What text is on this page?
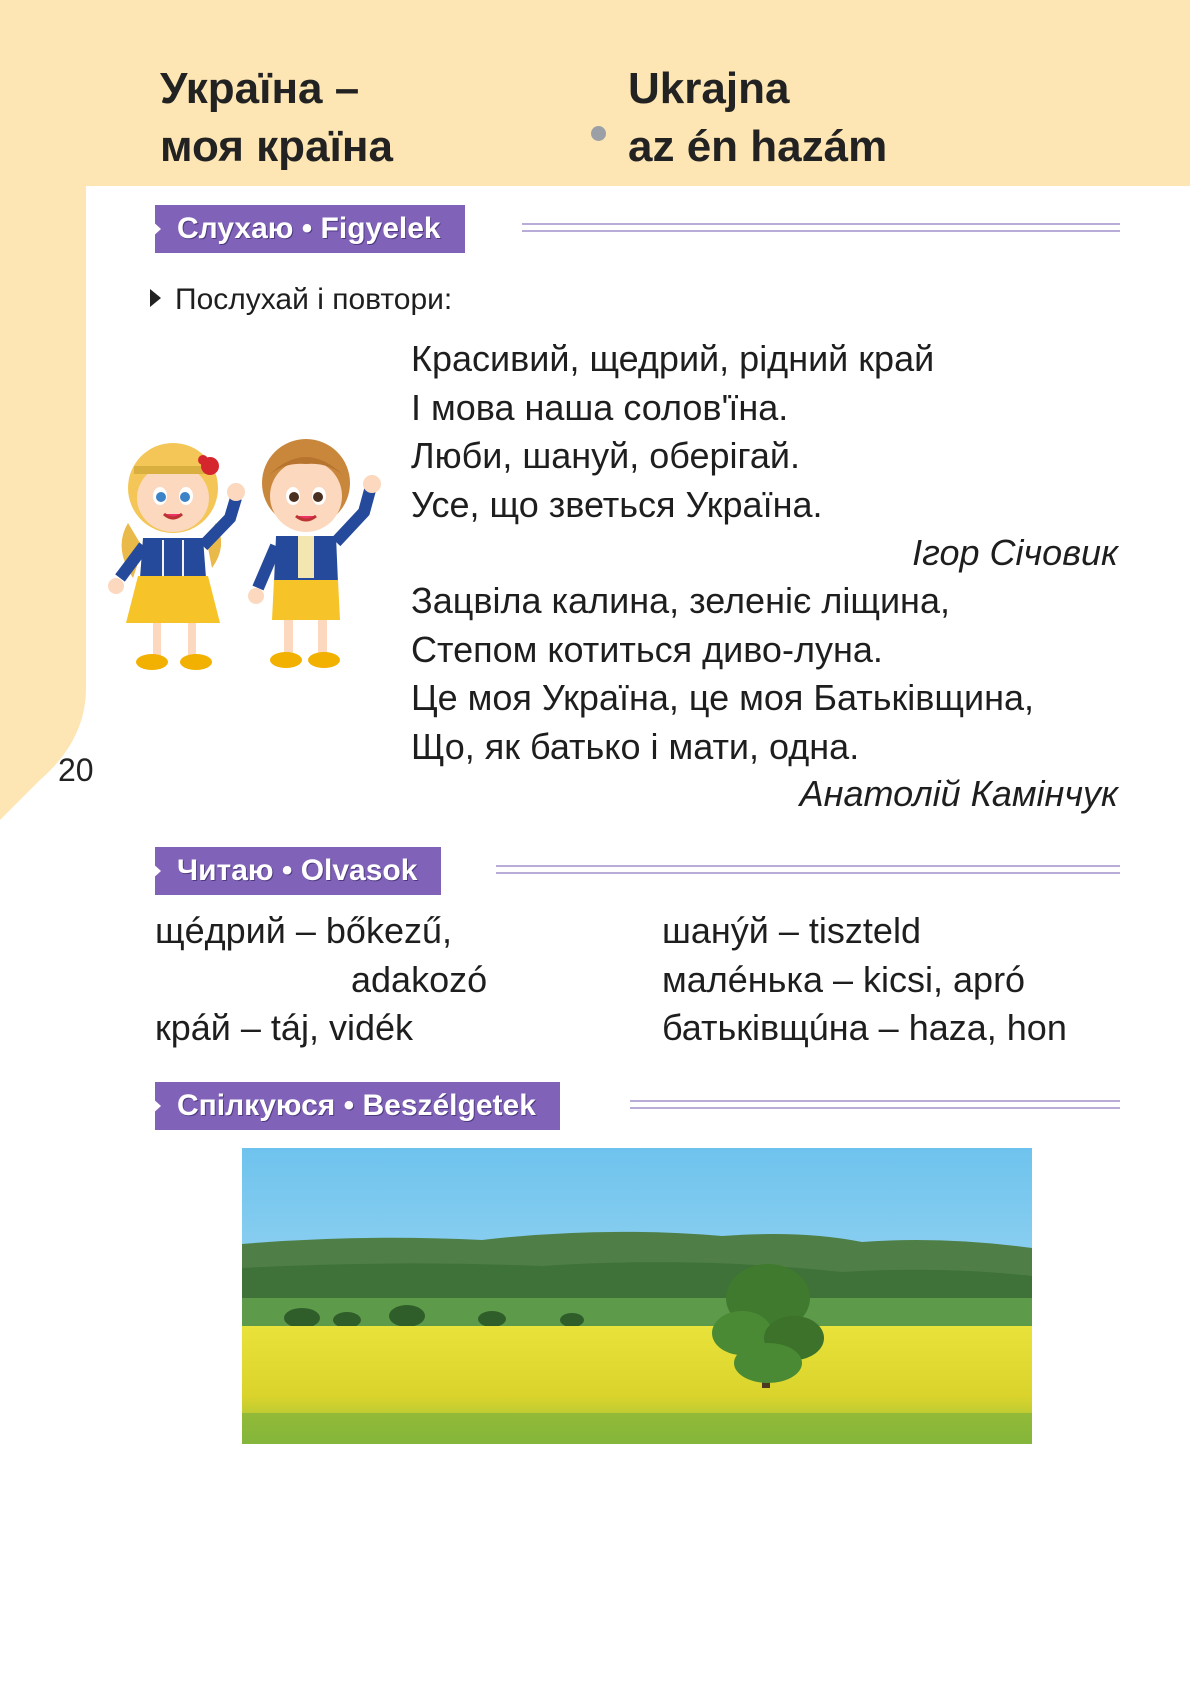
Україна –
моя країна
Ukrajna
az én hazám
Слухаю • Figyelek
Послухай і повтори:
Красивий, щедрий, рідний край
І мова наша солов'їна.
Люби, шануй, оберігай.
Усе, що зветься Україна.
Ігор Січовик
Зацвіла калина, зеленіє ліщина,
Степом котиться диво-луна.
Це моя Україна, це моя Батьківщина,
Що, як батько і мати, одна.
Анатолій Камінчук
20
Читаю • Olvasok
щéдрий – bőkezű,
adakozó
крáй – táj, vidék
шанýй – tiszteld
малéнька – kicsi, apró
батьківщúна – haza, hon
Спілкуюся • Beszélgetek
